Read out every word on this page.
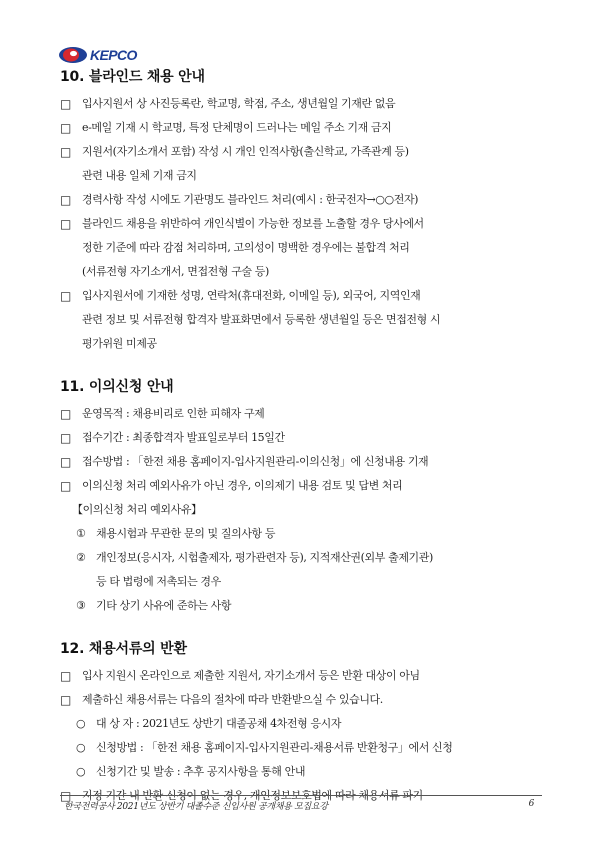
KEPCO
10. 블라인드 채용 안내
□	입사지원서 상 사진등록란, 학교명, 학점, 주소, 생년월일 기재란 없음
□	e-메일 기재 시 학교명, 특정 단체명이 드러나는 메일 주소 기재 금지
□	지원서(자기소개서 포함) 작성 시 개인 인적사항(출신학교, 가족관계 등)
관련 내용 일체 기재 금지
□	경력사항 작성 시에도 기관명도 블라인드 처리(예시 : 한국전자→○○전자)
□	블라인드 채용을 위반하여 개인식별이 가능한 정보를 노출할 경우 당사에서
정한 기준에 따라 감점 처리하며, 고의성이 명백한 경우에는 불합격 처리
(서류전형 자기소개서, 면접전형 구술 등)
□	입사지원서에 기재한 성명, 연락처(휴대전화, 이메일 등), 외국어, 지역인재
관련 정보 및 서류전형 합격자 발표화면에서 등록한 생년월일 등은 면접전형 시
평가위원 미제공
11. 이의신청 안내
□	운영목적 : 채용비리로 인한 피해자 구제
□	접수기간 : 최종합격자 발표일로부터 15일간
□	접수방법 : 「한전 채용 홈페이지-입사지원관리-이의신청」에 신청내용 기재
□	이의신청 처리 예외사유가 아닌 경우, 이의제기 내용 검토 및 답변 처리
【이의신청 처리 예외사유】
① 채용시험과 무관한 문의 및 질의사항 등
② 개인정보(응시자, 시험출제자, 평가관련자 등), 지적재산권(외부 출제기관)
등 타 법령에 저촉되는 경우
③ 기타 상기 사유에 준하는 사항
12. 채용서류의 반환
□	입사 지원시 온라인으로 제출한 지원서, 자기소개서 등은 반환 대상이 아님
□	제출하신 채용서류는 다음의 절차에 따라 반환받으실 수 있습니다.
○ 대 상 자 : 2021년도 상반기 대졸공채 4차전형 응시자
○ 신청방법 : 「한전 채용 홈페이지-입사지원관리-채용서류 반환청구」에서 신청
○ 신청기간 및 발송 : 추후 공지사항을 통해 안내
□	지정 기간 내 반환 신청이 없는 경우, 개인정보보호법에 따라 채용서류 파기
한국전력공사 2021년도 상반기 대졸수준 신입사원 공개채용 모집요강	6
